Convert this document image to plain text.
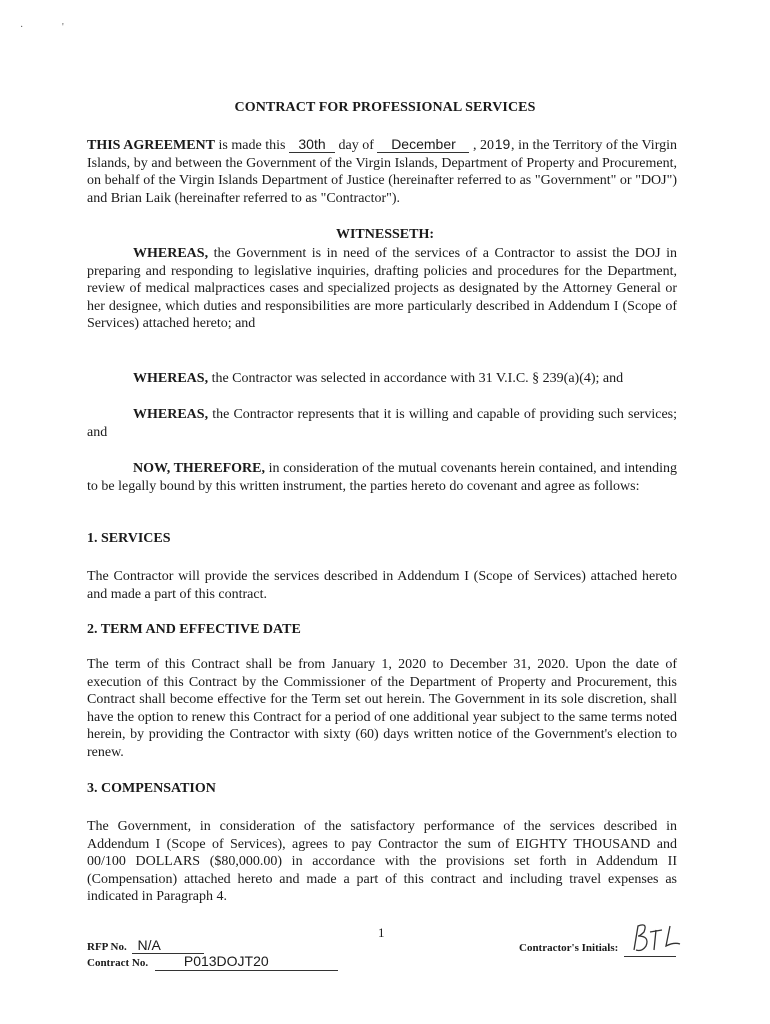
·	'
CONTRACT FOR PROFESSIONAL SERVICES
THIS AGREEMENT is made this 30th day of December , 2019, in the Territory of the Virgin Islands, by and between the Government of the Virgin Islands, Department of Property and Procurement, on behalf of the Virgin Islands Department of Justice (hereinafter referred to as "Government" or "DOJ") and Brian Laik (hereinafter referred to as "Contractor").
WITNESSETH:
WHEREAS, the Government is in need of the services of a Contractor to assist the DOJ in preparing and responding to legislative inquiries, drafting policies and procedures for the Department, review of medical malpractices cases and specialized projects as designated by the Attorney General or her designee, which duties and responsibilities are more particularly described in Addendum I (Scope of Services) attached hereto; and
WHEREAS, the Contractor was selected in accordance with 31 V.I.C. § 239(a)(4); and
WHEREAS, the Contractor represents that it is willing and capable of providing such services; and
NOW, THEREFORE, in consideration of the mutual covenants herein contained, and intending to be legally bound by this written instrument, the parties hereto do covenant and agree as follows:
1. SERVICES
The Contractor will provide the services described in Addendum I (Scope of Services) attached hereto and made a part of this contract.
2. TERM AND EFFECTIVE DATE
The term of this Contract shall be from January 1, 2020 to December 31, 2020. Upon the date of execution of this Contract by the Commissioner of the Department of Property and Procurement, this Contract shall become effective for the Term set out herein. The Government in its sole discretion, shall have the option to renew this Contract for a period of one additional year subject to the same terms noted herein, by providing the Contractor with sixty (60) days written notice of the Government's election to renew.
3. COMPENSATION
The Government, in consideration of the satisfactory performance of the services described in Addendum I (Scope of Services), agrees to pay Contractor the sum of EIGHTY THOUSAND and 00/100 DOLLARS ($80,000.00) in accordance with the provisions set forth in Addendum II (Compensation) attached hereto and made a part of this contract and including travel expenses as indicated in Paragraph 4.
1
RFP No. N/A
Contract No.	P013DOJT20
Contractor's Initials:
